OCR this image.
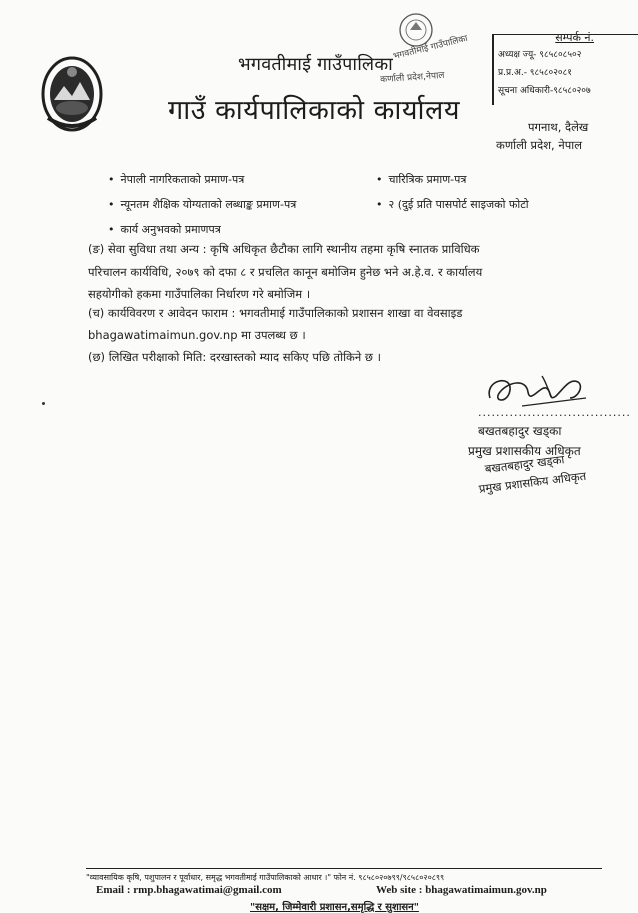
भगवतीमाई गाउँपालिका
कर्णाली प्रदेश,नेपाल
भगवतीमाई गाउँपालिका
गाउँ कार्यपालिकाको कार्यालय
सम्पर्क नं.
अध्यक्ष ज्यू- ९८५८०८५०२
प्र.प्र.अ.- ९८५८०२०८१
सूचना अधिकारी-९८५८०२०७
पगनाथ, दैलेख
कर्णाली प्रदेश, नेपाल
• नेपाली नागरिकताको प्रमाण-पत्र	• चारित्रिक प्रमाण-पत्र
• न्यूनतम शैक्षिक योग्यताको लब्धाङ्क प्रमाण-पत्र	• २ (दुई प्रति पासपोर्ट साइजको फोटो
• कार्य अनुभवको प्रमाणपत्र
(ङ) सेवा सुविधा तथा अन्य : कृषि अधिकृत छैटौका लागि स्थानीय तहमा कृषि स्नातक प्राविधिक
परिचालन कार्यविधि, २०७९ को दफा ८ र प्रचलित कानून बमोजिम हुनेछ भने अ.हे.व. र कार्यालय
सहयोगीको हकमा गाउँपालिका निर्धारण गरे बमोजिम ।
(च) कार्यविवरण र आवेदन फाराम : भगवतीमाई गाउँपालिकाको प्रशासन शाखा वा वेवसाइड
bhagawatimaimun.gov.np मा उपलब्ध छ ।
(छ) लिखित परीक्षाको मिति: दरखास्तको म्याद सकिए पछि तोकिने छ ।
..................................
बखतबहादुर खड्का
प्रमुख प्रशासकीय अधिकृत
बखतबहादुर खड्का
प्रमुख प्रशासकिय अधिकृत
"व्यावसायिक कृषि, पशुपालन र पूर्वाधार, समृद्ध भगवतीमाई गाउँपालिकाको आधार ।" फोन नं. ९८५८०२०७९९/९८५८०२०८९९
Email : rmp.bhagawatimai@gmail.com	Web site : bhagawatimaimun.gov.np
"सक्षम, जिम्मेवारी प्रशासन,समृद्धि र सुशासन"
